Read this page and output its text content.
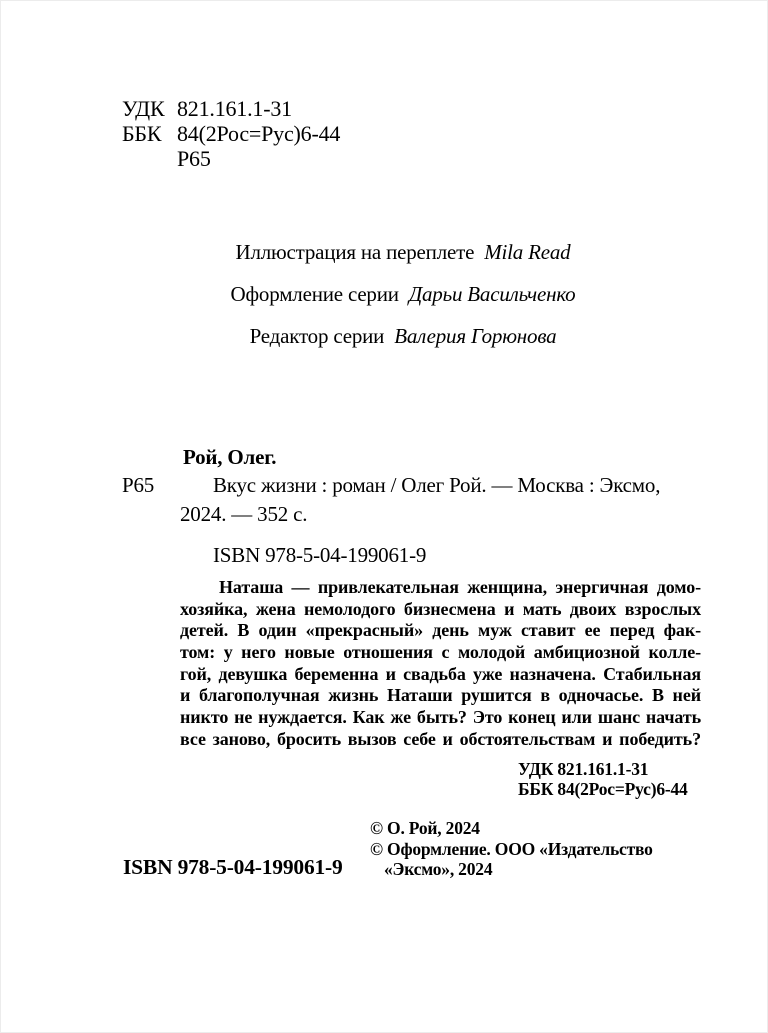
УДК 821.161.1-31
ББК 84(2Рос=Рус)6-44
Р65
Иллюстрация на переплете Mila Read
Оформление серии Дарьи Васильченко
Редактор серии Валерия Горюнова
Рой, Олег.
Р65	Вкус жизни : роман / Олег Рой. — Москва : Эксмо,
2024. — 352 с.
ISBN 978-5-04-199061-9
Наташа — привлекательная женщина, энергичная домо-
хозяйка, жена немолодого бизнесмена и мать двоих взрослых
детей. В один «прекрасный» день муж ставит ее перед фак-
том: у него новые отношения с молодой амбициозной колле-
гой, девушка беременна и свадьба уже назначена. Стабильная
и благополучная жизнь Наташи рушится в одночасье. В ней
никто не нуждается. Как же быть? Это конец или шанс начать
все заново, бросить вызов себе и обстоятельствам и победить?
УДК 821.161.1-31
ББК 84(2Рос=Рус)6-44
© О. Рой, 2024
© Оформление. ООО «Издательство
«Эксмо», 2024
ISBN 978-5-04-199061-9
